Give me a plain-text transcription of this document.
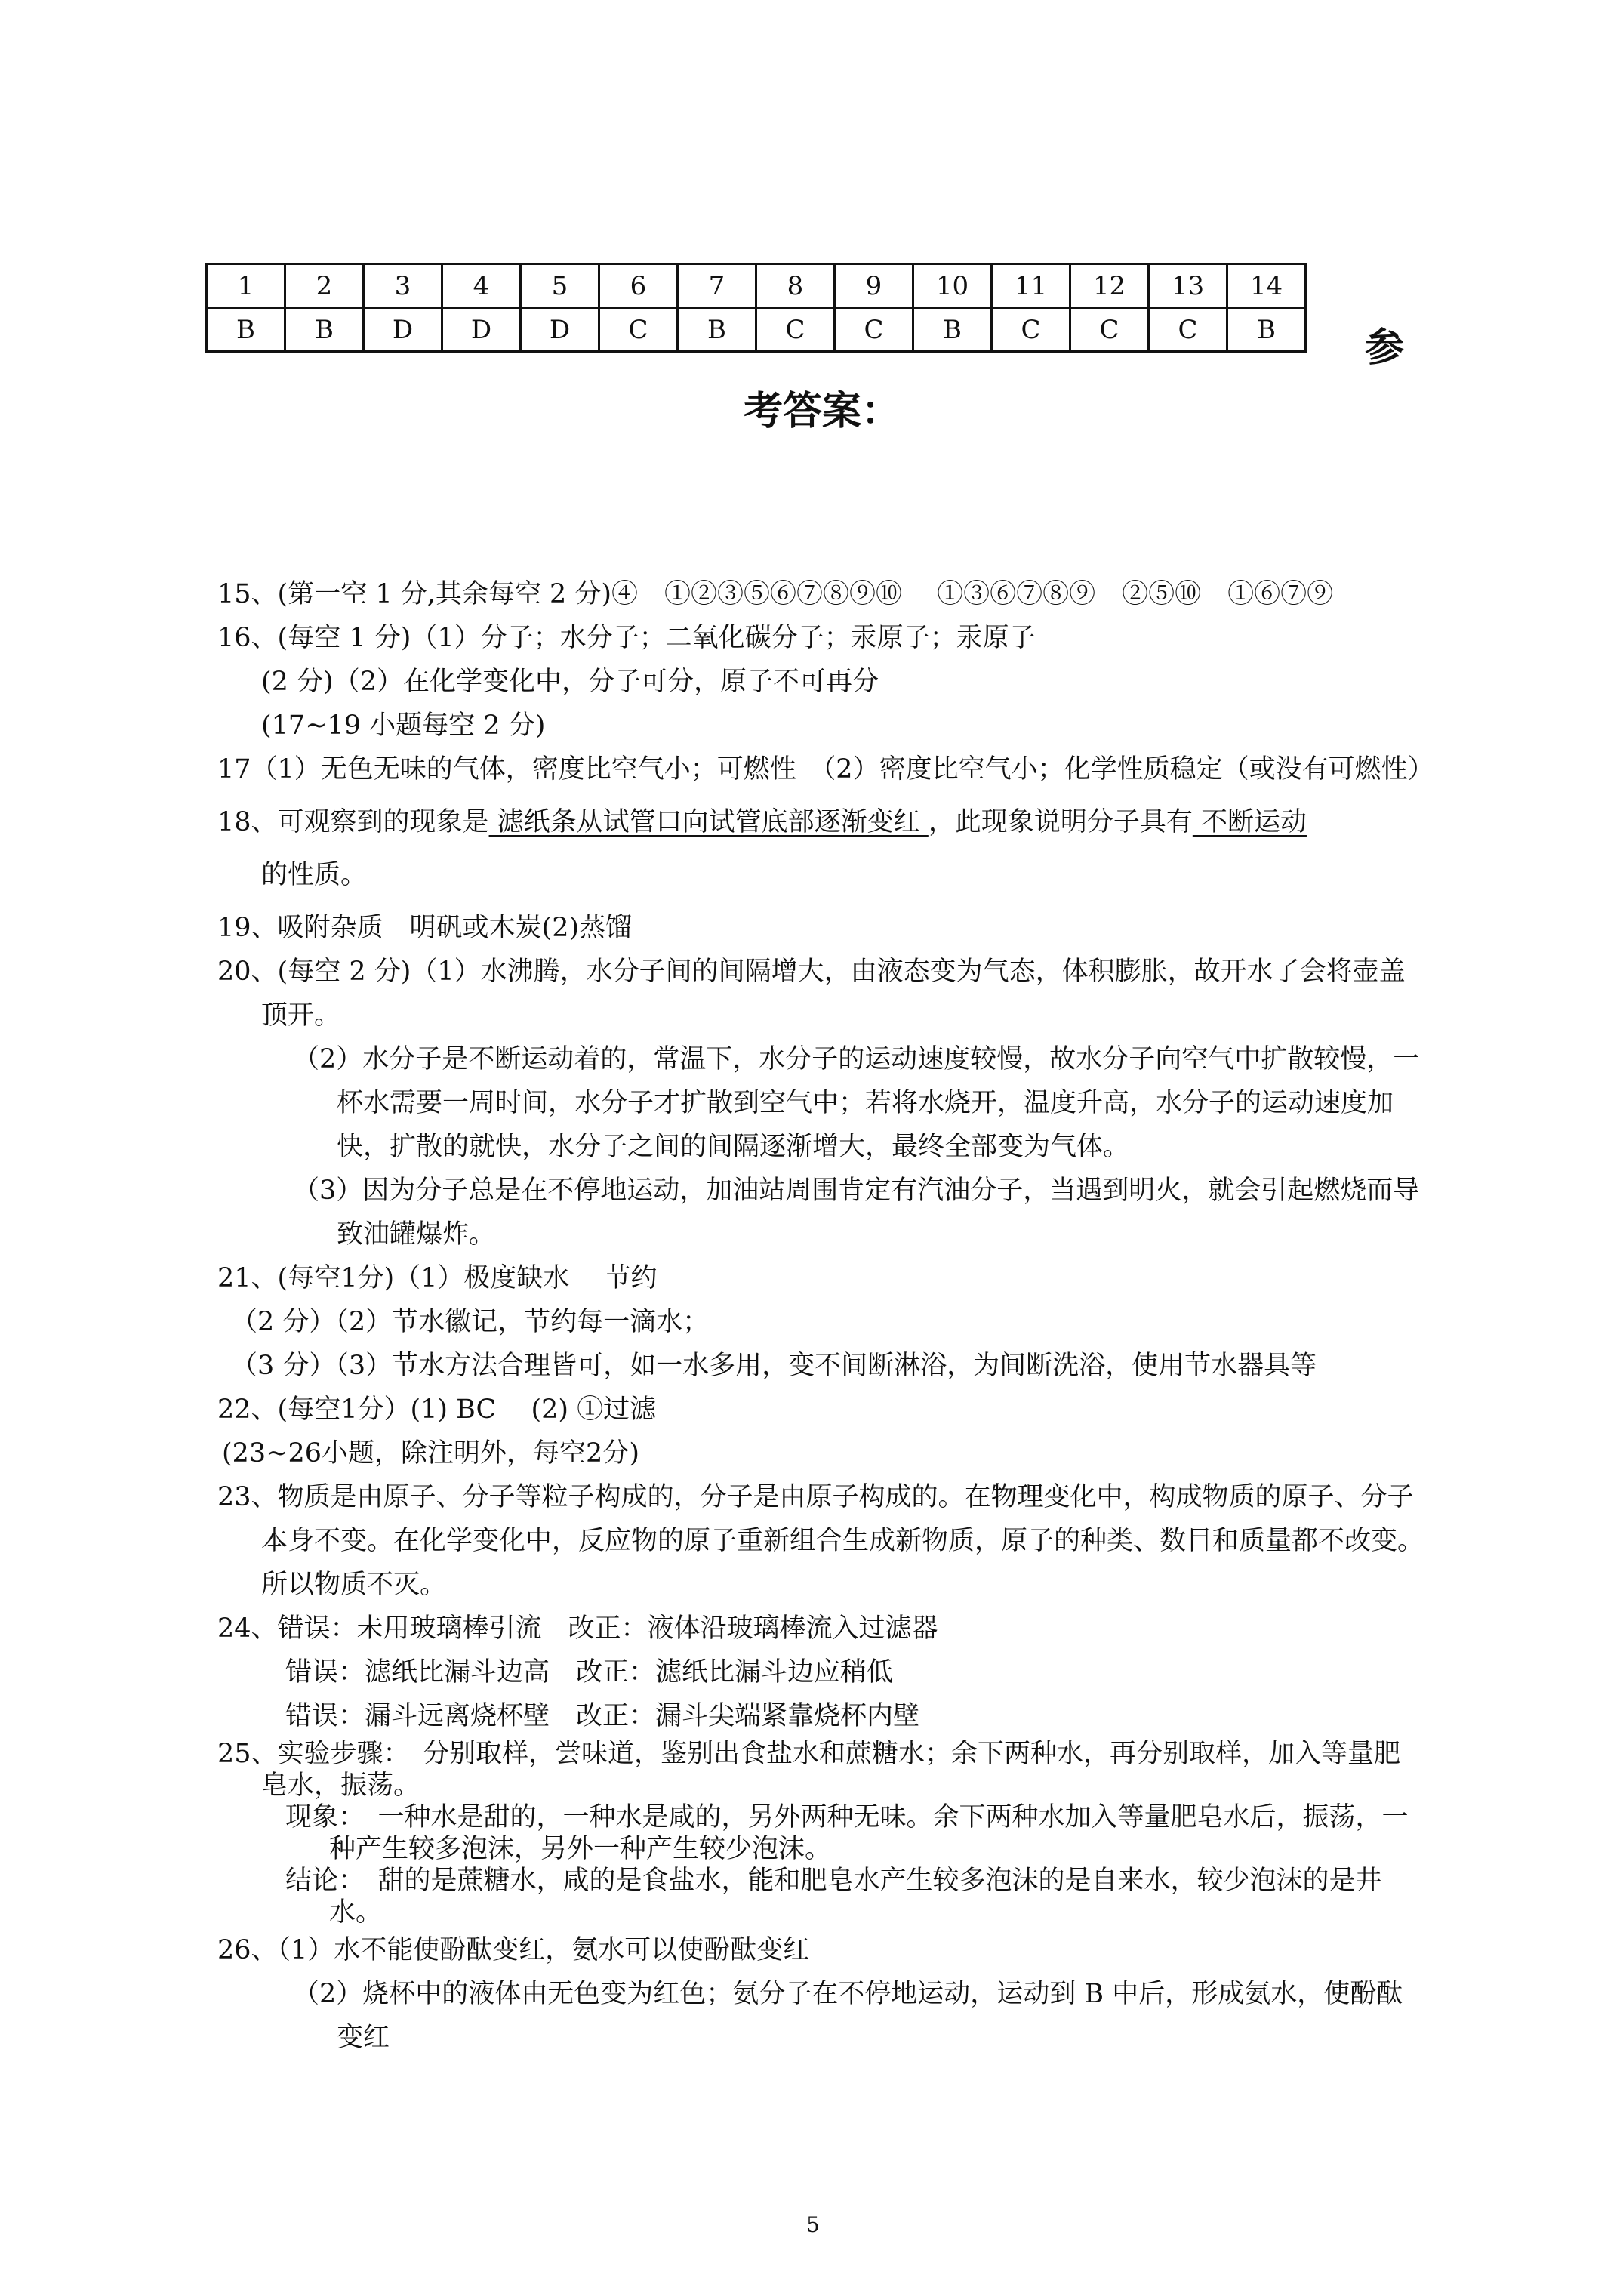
1	2	3	4	5	6	7	8	9	10	11	12	13	14
B	B	D	D	D	C	B	C	C	B	C	C	C	B 参
考答案：
15、(第一空 1 分,其余每空 2 分)④　①②③⑤⑥⑦⑧⑨⑩　 ①③⑥⑦⑧⑨　②⑤⑩　①⑥⑦⑨
16、(每空 1 分)（1）分子；水分子；二氧化碳分子；汞原子；汞原子
(2 分)（2）在化学变化中，分子可分，原子不可再分
(17~19 小题每空 2 分)
17（1）无色无味的气体，密度比空气小；可燃性　（2）密度比空气小；化学性质稳定（或没有可燃性）
18、可观察到的现象是 滤纸条从试管口向试管底部逐渐变红 ，此现象说明分子具有 不断运动
的性质。
19、吸附杂质　明矾或木炭(2)蒸馏
20、(每空 2 分)（1）水沸腾，水分子间的间隔增大，由液态变为气态，体积膨胀，故开水了会将壶盖顶开。
（2）水分子是不断运动着的，常温下，水分子的运动速度较慢，故水分子向空气中扩散较慢，一杯水需要一周时间，水分子才扩散到空气中；若将水烧开，温度升高，水分子的运动速度加快，扩散的就快，水分子之间的间隔逐渐增大，最终全部变为气体。
（3）因为分子总是在不停地运动，加油站周围肯定有汽油分子，当遇到明火，就会引起燃烧而导致油罐爆炸。
21、(每空1分)（1）极度缺水　 节约
（2 分）（2）节水徽记，节约每一滴水；
（3 分）（3）节水方法合理皆可，如一水多用，变不间断淋浴，为间断洗浴，使用节水器具等
22、(每空1分）(1) BC　 (2) ①过滤
(23~26小题，除注明外，每空2分)
23、物质是由原子、分子等粒子构成的，分子是由原子构成的。在物理变化中，构成物质的原子、分子本身不变。在化学变化中，反应物的原子重新组合生成新物质，原子的种类、数目和质量都不改变。所以物质不灭。
24、错误：未用玻璃棒引流　改正：液体沿玻璃棒流入过滤器
错误：滤纸比漏斗边高　改正：滤纸比漏斗边应稍低
错误：漏斗远离烧杯壁　改正：漏斗尖端紧靠烧杯内壁
25、实验步骤：　分别取样，尝味道，鉴别出食盐水和蔗糖水；余下两种水，再分别取样，加入等量肥皂水，振荡。
现象：　一种水是甜的，一种水是咸的，另外两种无味。余下两种水加入等量肥皂水后，振荡，一种产生较多泡沫，另外一种产生较少泡沫。
结论：　甜的是蔗糖水，咸的是食盐水，能和肥皂水产生较多泡沫的是自来水，较少泡沫的是井水。
26、（1）水不能使酚酞变红，氨水可以使酚酞变红
（2）烧杯中的液体由无色变为红色；氨分子在不停地运动，运动到 B 中后，形成氨水，使酚酞变红
5
